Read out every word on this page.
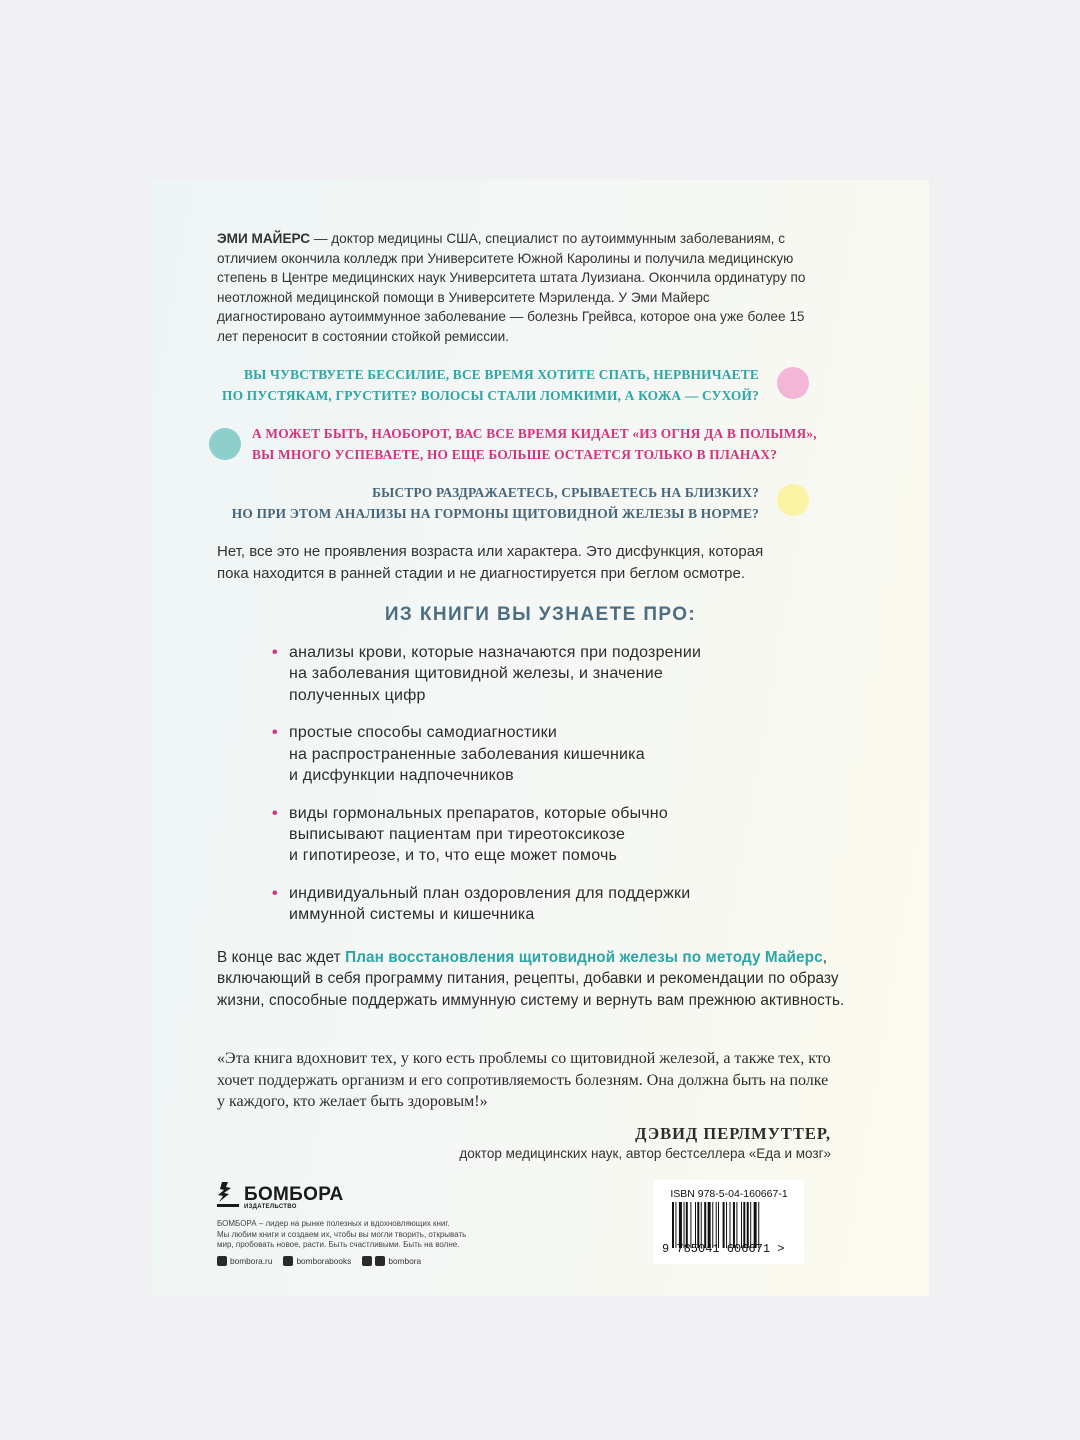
ЭМИ МАЙЕРС — доктор медицины США, специалист по аутоиммунным заболеваниям, с отличием окончила колледж при Университете Южной Каролины и получила медицинскую степень в Центре медицинских наук Университета штата Луизиана. Окончила ординатуру по неотложной медицинской помощи в Университете Мэриленда. У Эми Майерс диагностировано аутоиммунное заболевание — болезнь Грейвса, которое она уже более 15 лет переносит в состоянии стойкой ремиссии.
ВЫ ЧУВСТВУЕТЕ БЕССИЛИЕ, ВСЕ ВРЕМЯ ХОТИТЕ СПАТЬ, НЕРВНИЧАЕТЕ
ПО ПУСТЯКАМ, ГРУСТИТЕ? ВОЛОСЫ СТАЛИ ЛОМКИМИ, А КОЖА — СУХОЙ?
А МОЖЕТ БЫТЬ, НАОБОРОТ, ВАС ВСЕ ВРЕМЯ КИДАЕТ «ИЗ ОГНЯ ДА В ПОЛЫМЯ»,
ВЫ МНОГО УСПЕВАЕТЕ, НО ЕЩЕ БОЛЬШЕ ОСТАЕТСЯ ТОЛЬКО В ПЛАНАХ?
БЫСТРО РАЗДРАЖАЕТЕСЬ, СРЫВАЕТЕСЬ НА БЛИЗКИХ?
НО ПРИ ЭТОМ АНАЛИЗЫ НА ГОРМОНЫ ЩИТОВИДНОЙ ЖЕЛЕЗЫ В НОРМЕ?
Нет, все это не проявления возраста или характера. Это дисфункция, которая
пока находится в ранней стадии и не диагностируется при беглом осмотре.
ИЗ КНИГИ ВЫ УЗНАЕТЕ ПРО:
• анализы крови, которые назначаются при подозрении
на заболевания щитовидной железы, и значение
полученных цифр
• простые способы самодиагностики
на распространенные заболевания кишечника
и дисфункции надпочечников
• виды гормональных препаратов, которые обычно
выписывают пациентам при тиреотоксикозе
и гипотиреозе, и то, что еще может помочь
• индивидуальный план оздоровления для поддержки
иммунной системы и кишечника
В конце вас ждет План восстановления щитовидной железы по методу Майерс, включающий в себя программу питания, рецепты, добавки и рекомендации по образу жизни, способные поддержать иммунную систему и вернуть вам прежнюю активность.
«Эта книга вдохновит тех, у кого есть проблемы со щитовидной железой, а также тех, кто хочет поддержать организм и его сопротивляемость болезням. Она должна быть на полке у каждого, кто желает быть здоровым!»
ДЭВИД ПЕРЛМУТТЕР,
доктор медицинских наук, автор бестселлера «Еда и мозг»
БОМБОРА
ИЗДАТЕЛЬСТВО
БОМБОРА – лидер на рынке полезных и вдохновляющих книг.
Мы любим книги и создаем их, чтобы вы могли творить, открывать
мир, пробовать новое, расти. Быть счастливыми. Быть на волне.
bombora.ru	bomborabooks	bombora
ISBN 978-5-04-160667-1
9 785041 606671 >
